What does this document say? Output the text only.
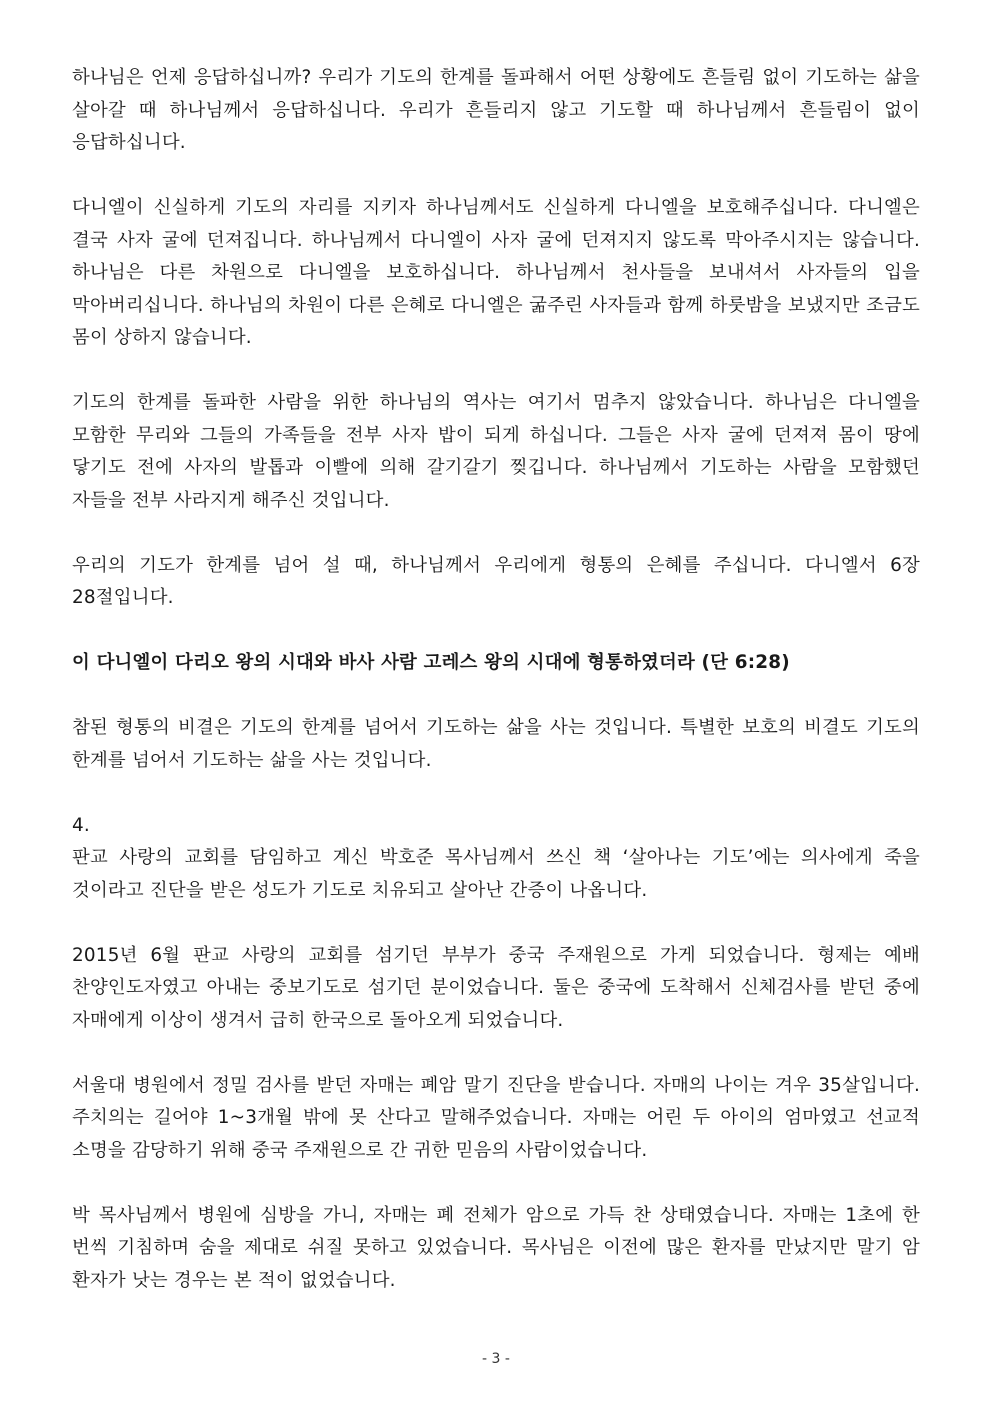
하나님은 언제 응답하십니까? 우리가 기도의 한계를 돌파해서 어떤 상황에도 흔들림 없이 기도하는 삶을 살아갈 때 하나님께서 응답하십니다. 우리가 흔들리지 않고 기도할 때 하나님께서 흔들림이 없이 응답하십니다.

다니엘이 신실하게 기도의 자리를 지키자 하나님께서도 신실하게 다니엘을 보호해주십니다. 다니엘은 결국 사자 굴에 던져집니다. 하나님께서 다니엘이 사자 굴에 던져지지 않도록 막아주시지는 않습니다. 하나님은 다른 차원으로 다니엘을 보호하십니다. 하나님께서 천사들을 보내셔서 사자들의 입을 막아버리십니다. 하나님의 차원이 다른 은혜로 다니엘은 굶주린 사자들과 함께 하룻밤을 보냈지만 조금도 몸이 상하지 않습니다.

기도의 한계를 돌파한 사람을 위한 하나님의 역사는 여기서 멈추지 않았습니다. 하나님은 다니엘을 모함한 무리와 그들의 가족들을 전부 사자 밥이 되게 하십니다. 그들은 사자 굴에 던져져 몸이 땅에 닿기도 전에 사자의 발톱과 이빨에 의해 갈기갈기 찢깁니다. 하나님께서 기도하는 사람을 모함했던 자들을 전부 사라지게 해주신 것입니다.

우리의 기도가 한계를 넘어 설 때, 하나님께서 우리에게 형통의 은혜를 주십니다. 다니엘서 6장 28절입니다.

이 다니엘이 다리오 왕의 시대와 바사 사람 고레스 왕의 시대에 형통하였더라 (단 6:28)

참된 형통의 비결은 기도의 한계를 넘어서 기도하는 삶을 사는 것입니다. 특별한 보호의 비결도 기도의 한계를 넘어서 기도하는 삶을 사는 것입니다.

4.

판교 사랑의 교회를 담임하고 계신 박호준 목사님께서 쓰신 책 ‘살아나는 기도’에는 의사에게 죽을 것이라고 진단을 받은 성도가 기도로 치유되고 살아난 간증이 나옵니다.

2015년 6월 판교 사랑의 교회를 섬기던 부부가 중국 주재원으로 가게 되었습니다. 형제는 예배 찬양인도자였고 아내는 중보기도로 섬기던 분이었습니다. 둘은 중국에 도착해서 신체검사를 받던 중에 자매에게 이상이 생겨서 급히 한국으로 돌아오게 되었습니다.

서울대 병원에서 정밀 검사를 받던 자매는 폐암 말기 진단을 받습니다. 자매의 나이는 겨우 35살입니다. 주치의는 길어야 1~3개월 밖에 못 산다고 말해주었습니다. 자매는 어린 두 아이의 엄마였고 선교적 소명을 감당하기 위해 중국 주재원으로 간 귀한 믿음의 사람이었습니다.

박 목사님께서 병원에 심방을 가니, 자매는 폐 전체가 암으로 가득 찬 상태였습니다. 자매는 1초에 한 번씩 기침하며 숨을 제대로 쉬질 못하고 있었습니다. 목사님은 이전에 많은 환자를 만났지만 말기 암 환자가 낫는 경우는 본 적이 없었습니다.

- 3 -
